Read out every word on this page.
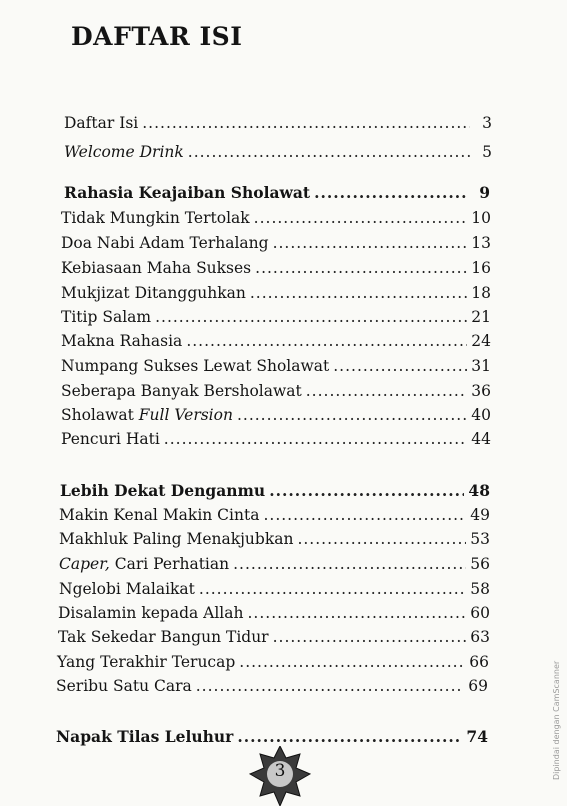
DAFTAR ISI
Daftar Isi .....	3
Welcome Drink .....	5
Rahasia Keajaiban Sholawat .....	9
Tidak Mungkin Tertolak .....	10
Doa Nabi Adam Terhalang .....	13
Kebiasaan Maha Sukses .....	16
Mukjizat Ditangguhkan .....	18
Titip Salam .....	21
Makna Rahasia .....	24
Numpang Sukses Lewat Sholawat .....	31
Seberapa Banyak Bersholawat .....	36
Sholawat Full Version .....	40
Pencuri Hati .....	44
Lebih Dekat Denganmu .....	48
Makin Kenal Makin Cinta .....	49
Makhluk Paling Menakjubkan .....	53
Caper, Cari Perhatian .....	56
Ngelobi Malaikat .....	58
Disalamin kepada Allah .....	60
Tak Sekedar Bangun Tidur .....	63
Yang Terakhir Terucap .....	66
Seribu Satu Cara .....	69
Napak Tilas Leluhur .....	74
3	Dipindai dengan CamScanner
